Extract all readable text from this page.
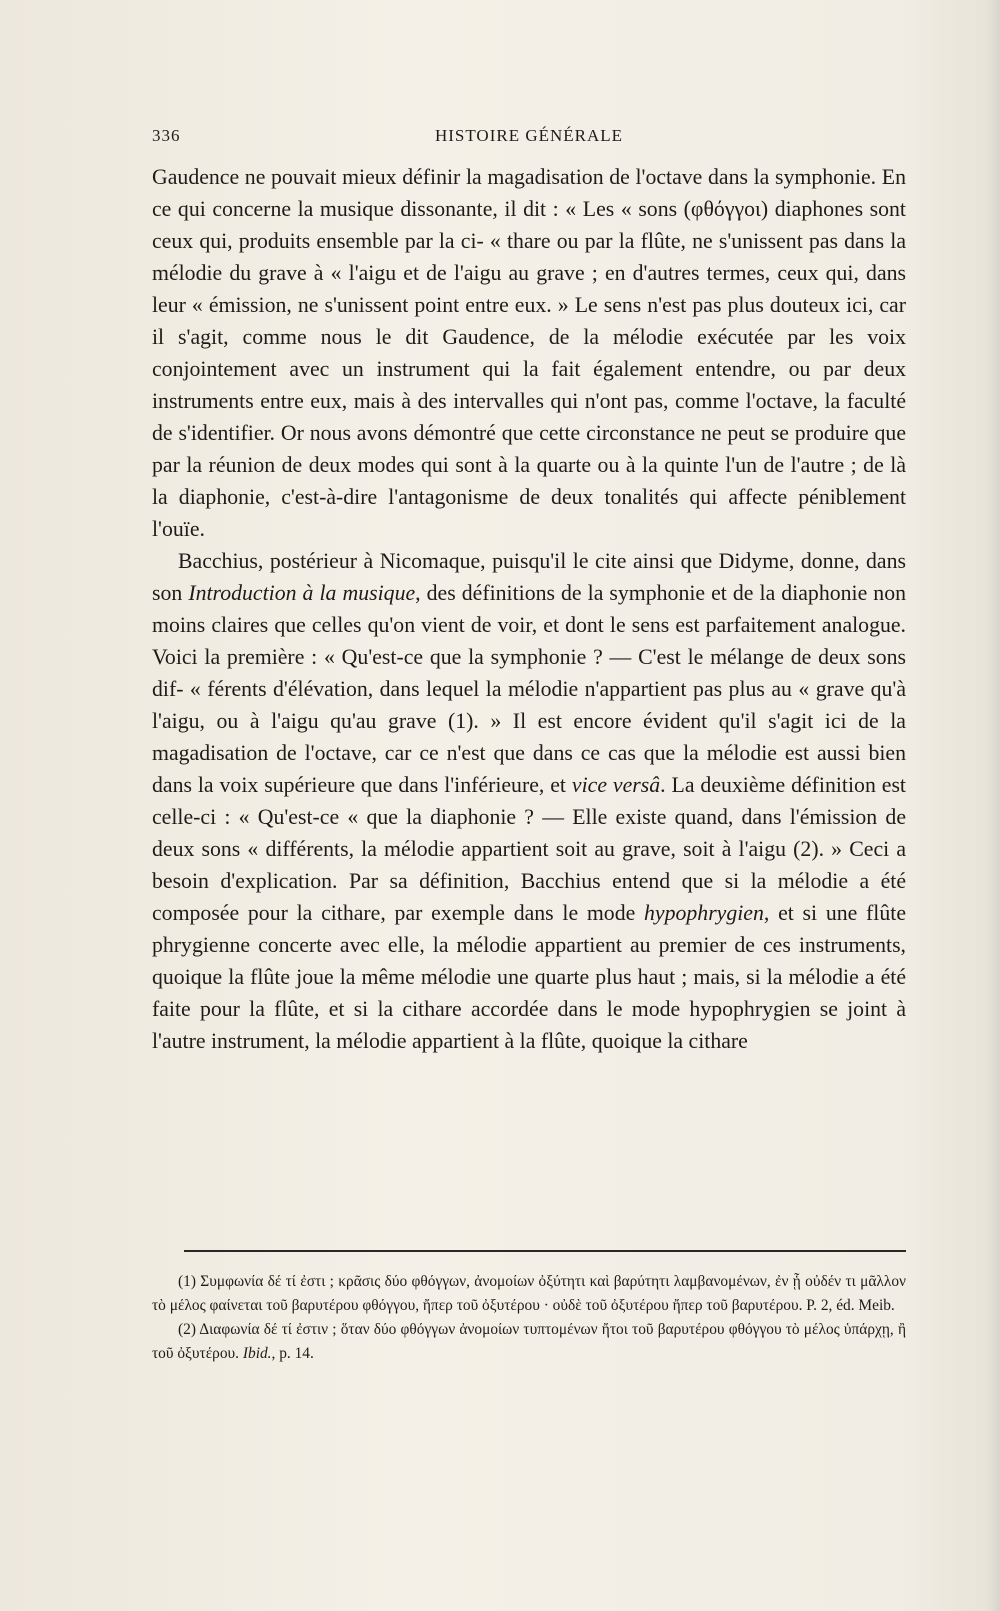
336	HISTOIRE GÉNÉRALE

Gaudence ne pouvait mieux définir la magadisation de l'octave dans la symphonie. En ce qui concerne la musique dissonante, il dit : « Les « sons (φθόγγοι) diaphones sont ceux qui, produits ensemble par la ci- « thare ou par la flûte, ne s'unissent pas dans la mélodie du grave à « l'aigu et de l'aigu au grave ; en d'autres termes, ceux qui, dans leur « émission, ne s'unissent point entre eux. » Le sens n'est pas plus douteux ici, car il s'agit, comme nous le dit Gaudence, de la mélodie exécutée par les voix conjointement avec un instrument qui la fait également entendre, ou par deux instruments entre eux, mais à des intervalles qui n'ont pas, comme l'octave, la faculté de s'identifier. Or nous avons démontré que cette circonstance ne peut se produire que par la réunion de deux modes qui sont à la quarte ou à la quinte l'un de l'autre ; de là la diaphonie, c'est-à-dire l'antagonisme de deux tonalités qui affecte péniblement l'ouïe.

Bacchius, postérieur à Nicomaque, puisqu'il le cite ainsi que Didyme, donne, dans son Introduction à la musique, des définitions de la symphonie et de la diaphonie non moins claires que celles qu'on vient de voir, et dont le sens est parfaitement analogue. Voici la première : « Qu'est-ce que la symphonie ? — C'est le mélange de deux sons dif- « férents d'élévation, dans lequel la mélodie n'appartient pas plus au « grave qu'à l'aigu, ou à l'aigu qu'au grave (1). » Il est encore évident qu'il s'agit ici de la magadisation de l'octave, car ce n'est que dans ce cas que la mélodie est aussi bien dans la voix supérieure que dans l'inférieure, et vice versâ. La deuxième définition est celle-ci : « Qu'est-ce « que la diaphonie ? — Elle existe quand, dans l'émission de deux sons « différents, la mélodie appartient soit au grave, soit à l'aigu (2). » Ceci a besoin d'explication. Par sa définition, Bacchius entend que si la mélodie a été composée pour la cithare, par exemple dans le mode hypophrygien, et si une flûte phrygienne concerte avec elle, la mélodie appartient au premier de ces instruments, quoique la flûte joue la même mélodie une quarte plus haut ; mais, si la mélodie a été faite pour la flûte, et si la cithare accordée dans le mode hypophrygien se joint à l'autre instrument, la mélodie appartient à la flûte, quoique la cithare

(1) Συμφωνία δέ τί ἐστι ; κρᾶσις δύο φθόγγων, ἀνομοίων ὀξύτητι καὶ βαρύτητι λαμβανομένων, ἐν ᾗ οὐδέν τι μᾶλλον τὸ μέλος φαίνεται τοῦ βαρυτέρου φθόγγου, ἤπερ τοῦ ὀξυτέρου · οὐδὲ τοῦ ὀξυτέρου ἤπερ τοῦ βαρυτέρου. P. 2, éd. Meib.

(2) Διαφωνία δέ τί ἐστιν ; ὅταν δύο φθόγγων ἀνομοίων τυπτομένων ἤτοι τοῦ βαρυτέρου φθόγγου τὸ μέλος ὑπάρχῃ, ἢ τοῦ ὀξυτέρου. Ibid., p. 14.
